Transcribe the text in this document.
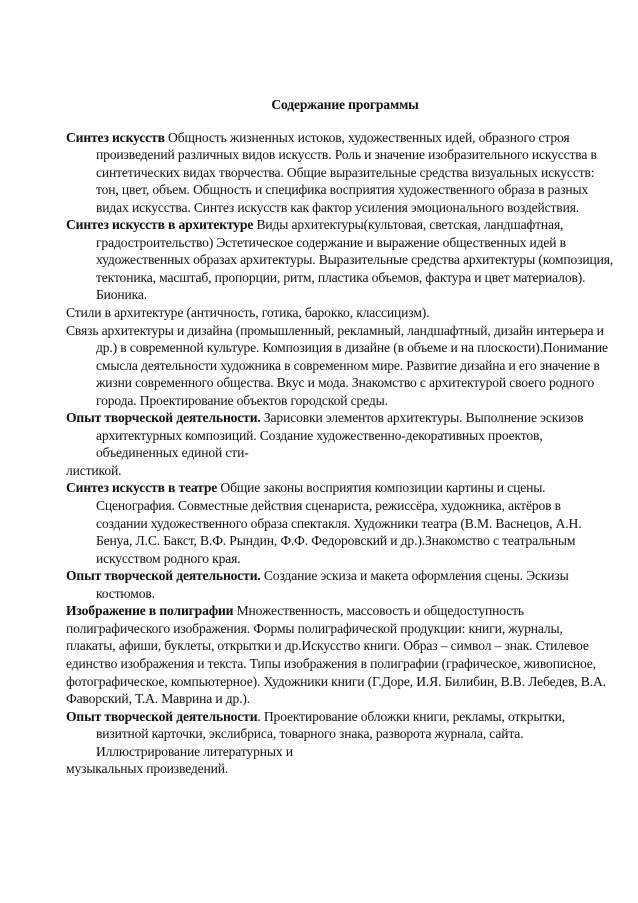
Содержание программы

Синтез искусств Общность жизненных истоков, художественных идей, образного строя произведений различных видов искусств. Роль и значение изобразительного искусства в синтетических видах творчества. Общие выразительные средства визуальных искусств: тон, цвет, объем. Общность и специфика восприятия художественного образа в разных видах искусства. Синтез искусств как фактор усиления эмоционального воздействия.

Синтез искусств в архитектуре Виды архитектуры(культовая, светская, ландшафтная, градостроительство) Эстетическое содержание и выражение общественных идей в художественных образах архитектуры. Выразительные средства архитектуры (композиция, тектоника, масштаб, пропорции, ритм, пластика объемов, фактура и цвет материалов). Бионика.

Стили в архитектуре (античность, готика, барокко, классицизм).

Связь архитектуры и дизайна (промышленный, рекламный, ландшафтный, дизайн интерьера и др.) в современной культуре. Композиция в дизайне (в объеме и на плоскости).Понимание смысла деятельности художника в современном мире. Развитие дизайна и его значение в жизни современного общества. Вкус и мода. Знакомство с архитектурой своего родного города. Проектирование объектов городской среды.

Опыт творческой деятельности. Зарисовки элементов архитектуры. Выполнение эскизов архитектурных композиций. Создание художественно-декоративных проектов, объединенных единой сти-

листикой.

Синтез искусств в театре Общие законы восприятия композиции картины и сцены. Сценография. Совместные действия сценариста, режиссёра, художника, актёров в создании художественного образа спектакля. Художники театра (В.М. Васнецов, А.Н. Бенуа, Л.С. Бакст, В.Ф. Рындин, Ф.Ф. Федоровский и др.).Знакомство с театральным искусством родного края.

Опыт творческой деятельности. Создание эскиза и макета оформления сцены. Эскизы костюмов.

Изображение в полиграфии Множественность, массовость и общедоступность полиграфического изображения. Формы полиграфической продукции: книги, журналы, плакаты, афиши, буклеты, открытки и др.Искусство книги. Образ – символ – знак. Стилевое единство изображения и текста. Типы изображения в полиграфии (графическое, живописное, фотографическое, компьютерное). Художники книги (Г.Доре, И.Я. Билибин, В.В. Лебедев, В.А. Фаворский, Т.А. Маврина и др.).

Опыт творческой деятельности. Проектирование обложки книги, рекламы, открытки, визитной карточки, экслибриса, товарного знака, разворота журнала, сайта. Иллюстрирование литературных и

музыкальных произведений.
